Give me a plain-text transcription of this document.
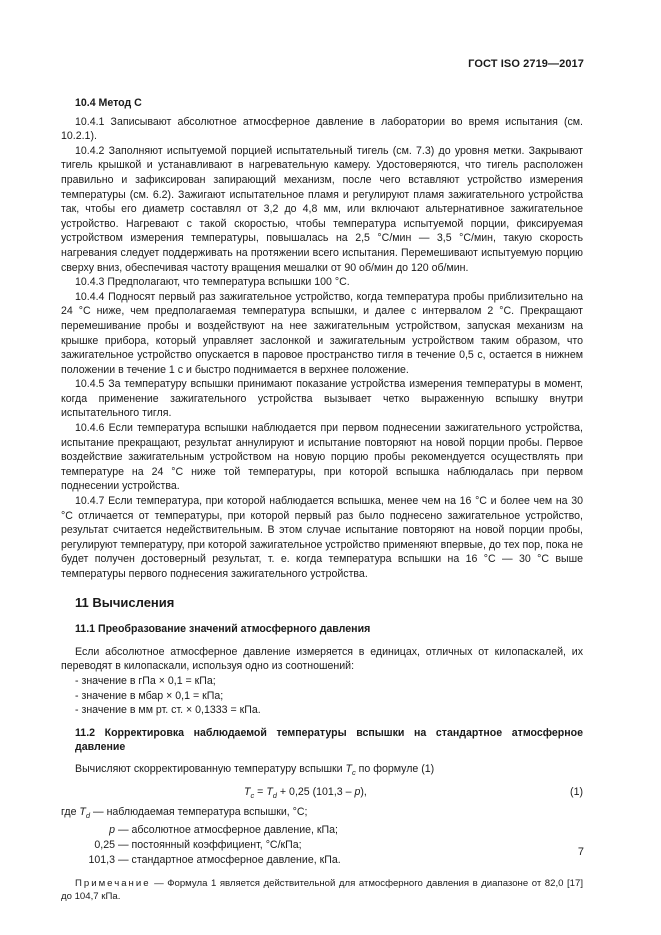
ГОСТ ISO 2719—2017
10.4 Метод С

10.4.1 Записывают абсолютное атмосферное давление в лаборатории во время испытания (см. 10.2.1).

10.4.2 Заполняют испытуемой порцией испытательный тигель (см. 7.3) до уровня метки. Закрывают тигель крышкой и устанавливают в нагревательную камеру. Удостоверяются, что тигель расположен правильно и зафиксирован запирающий механизм, после чего вставляют устройство измерения температуры (см. 6.2). Зажигают испытательное пламя и регулируют пламя зажигательного устройства так, чтобы его диаметр составлял от 3,2 до 4,8 мм, или включают альтернативное зажигательное устройство. Нагревают с такой скоростью, чтобы температура испытуемой порции, фиксируемая устройством измерения температуры, повышалась на 2,5 °С/мин — 3,5 °С/мин, такую скорость нагревания следует поддерживать на протяжении всего испытания. Перемешивают испытуемую порцию сверху вниз, обеспечивая частоту вращения мешалки от 90 об/мин до 120 об/мин.

10.4.3 Предполагают, что температура вспышки 100 °С.

10.4.4 Подносят первый раз зажигательное устройство, когда температура пробы приблизительно на 24 °С ниже, чем предполагаемая температура вспышки, и далее с интервалом 2 °С. Прекращают перемешивание пробы и воздействуют на нее зажигательным устройством, запуская механизм на крышке прибора, который управляет заслонкой и зажигательным устройством таким образом, что зажигательное устройство опускается в паровое пространство тигля в течение 0,5 с, остается в нижнем положении в течение 1 с и быстро поднимается в верхнее положение.

10.4.5 За температуру вспышки принимают показание устройства измерения температуры в момент, когда применение зажигательного устройства вызывает четко выраженную вспышку внутри испытательного тигля.

10.4.6 Если температура вспышки наблюдается при первом поднесении зажигательного устройства, испытание прекращают, результат аннулируют и испытание повторяют на новой порции пробы. Первое воздействие зажигательным устройством на новую порцию пробы рекомендуется осуществлять при температуре на 24 °С ниже той температуры, при которой вспышка наблюдалась при первом поднесении устройства.

10.4.7 Если температура, при которой наблюдается вспышка, менее чем на 16 °С и более чем на 30 °С отличается от температуры, при которой первый раз было поднесено зажигательное устройство, результат считается недействительным. В этом случае испытание повторяют на новой порции пробы, регулируют температуру, при которой зажигательное устройство применяют впервые, до тех пор, пока не будет получен достоверный результат, т. е. когда температура вспышки на 16 °С — 30 °С выше температуры первого поднесения зажигательного устройства.

11 Вычисления
11.1 Преобразование значений атмосферного давления

Если абсолютное атмосферное давление измеряется в единицах, отличных от килопаскалей, их переводят в килопаскали, используя одно из соотношений:

- значение в гПа × 0,1 = кПа;
- значение в мбар × 0,1 = кПа;
- значение в мм рт. ст. × 0,1333 = кПа.
11.2 Корректировка наблюдаемой температуры вспышки на стандартное атмосферное давление

Вычисляют скорректированную температуру вспышки $T_c$ по формуле (1)

$T_c = T_d + 0,25$ (101,3 – p),	(1)
где $T_d$ — наблюдаемая температура вспышки, °С;
p — абсолютное атмосферное давление, кПа;
0,25 — постоянный коэффициент, °С/кПа;
101,3 — стандартное атмосферное давление, кПа.
Примечание — Формула 1 является действительной для атмосферного давления в диапазоне от 82,0 [17] до 104,7 кПа.
7
